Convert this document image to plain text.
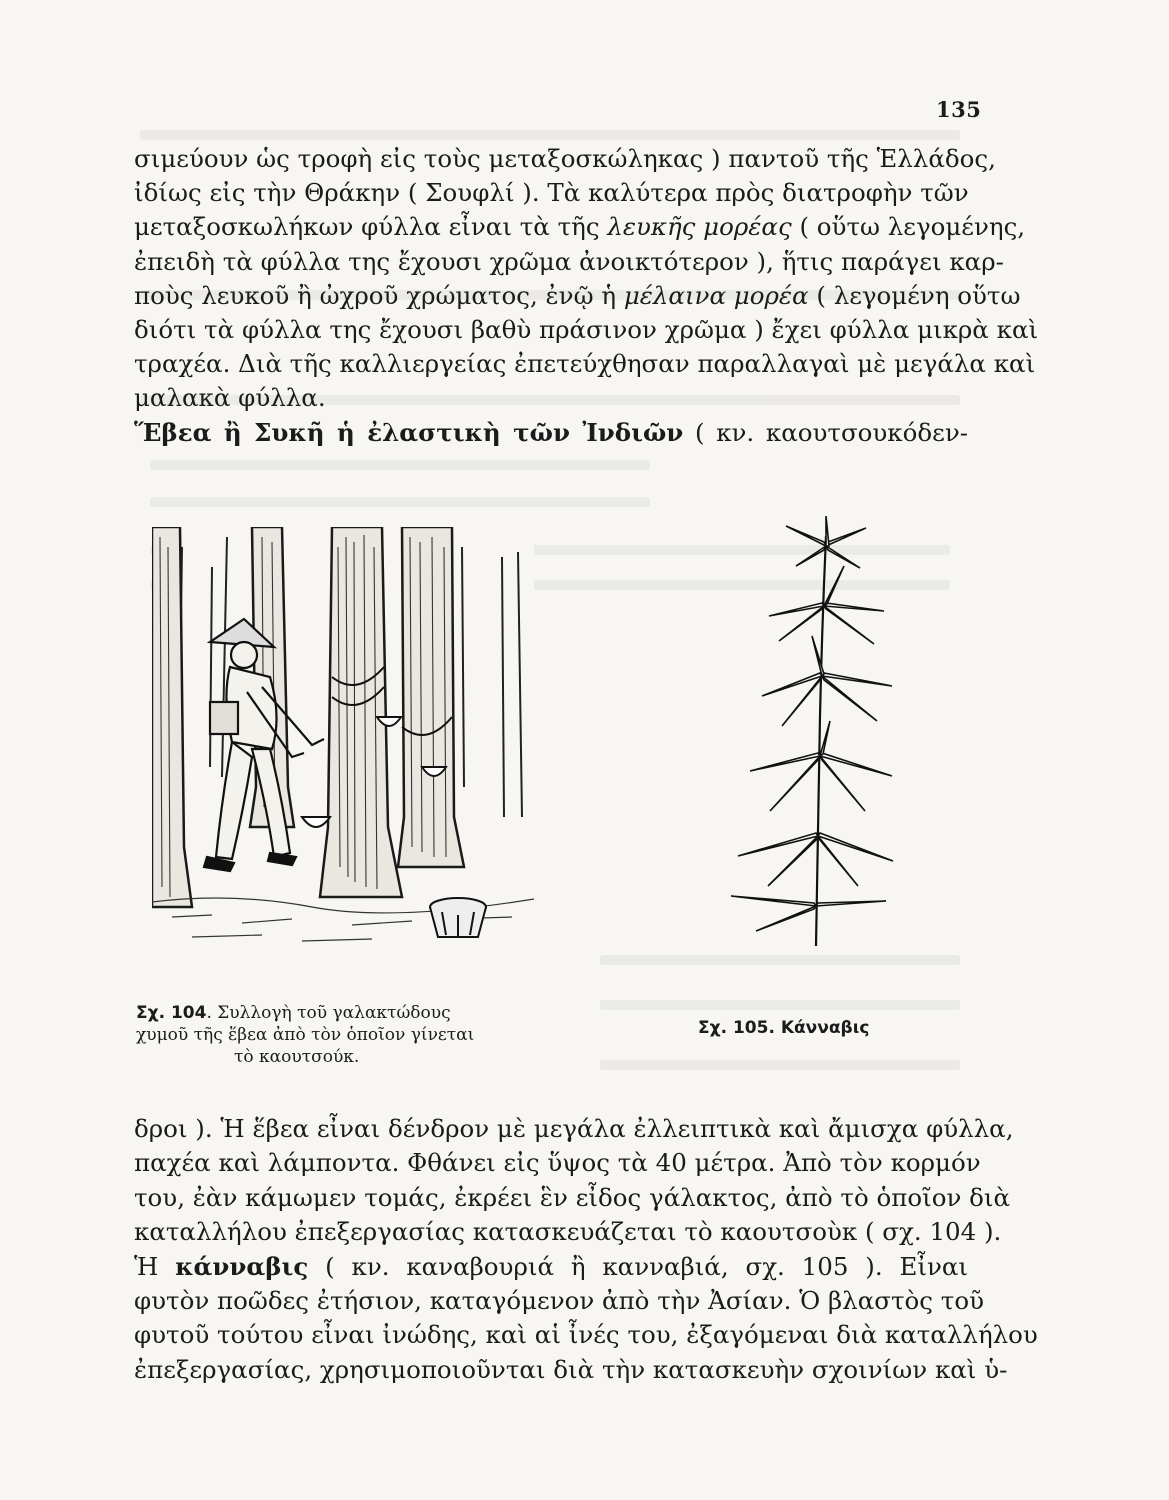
135
σιμεύουν ὡς τροφὴ εἰς τοὺς μεταξοσκώληκας ) παντοῦ τῆς Ἑλλάδος,
ἰδίως εἰς τὴν Θράκην ( Σουφλί ). Τὰ καλύτερα πρὸς διατροφὴν τῶν
μεταξοσκωλήκων φύλλα εἶναι τὰ τῆς λευκῆς μορέας ( οὕτω λεγομένης,
ἐπειδὴ τὰ φύλλα της ἔχουσι χρῶμα ἀνοικτότερον ), ἥτις παράγει καρ-
ποὺς λευκοῦ ἢ ὠχροῦ χρώματος, ἐνῷ ἡ μέλαινα μορέα ( λεγομένη οὕτω
διότι τὰ φύλλα της ἔχουσι βαθὺ πράσινον χρῶμα ) ἔχει φύλλα μικρὰ καὶ
τραχέα. Διὰ τῆς καλλιεργείας ἐπετεύχθησαν παραλλαγαὶ μὲ μεγάλα καὶ
μαλακὰ φύλλα.
Ἕβεα ἢ Συκῆ ἡ ἐλαστικὴ τῶν Ἰνδιῶν ( κν. καουτσουκόδεν-
Σχ. 104. Συλλογὴ τοῦ γαλακτώδους
χυμοῦ τῆς ἕβεα ἀπὸ τὸν ὁποῖον γίνεται
τὸ καουτσούκ.
Σχ. 105. Κάνναβις
δροι ). Ἡ ἕβεα εἶναι δένδρον μὲ μεγάλα ἐλλειπτικὰ καὶ ἄμισχα φύλλα,
παχέα καὶ λάμποντα. Φθάνει εἰς ὕψος τὰ 40 μέτρα. Ἀπὸ τὸν κορμόν
του, ἐὰν κάμωμεν τομάς, ἐκρέει ἓν εἶδος γάλακτος, ἀπὸ τὸ ὁποῖον διὰ
καταλλήλου ἐπεξεργασίας κατασκευάζεται τὸ καουτσοὺκ ( σχ. 104 ).
Ἡ κάνναβις ( κν. καναβουριά ἢ κανναβιά, σχ. 105 ). Εἶναι
φυτὸν ποῶδες ἐτήσιον, καταγόμενον ἀπὸ τὴν Ἀσίαν. Ὁ βλαστὸς τοῦ
φυτοῦ τούτου εἶναι ἰνώδης, καὶ αἱ ἶνές του, ἐξαγόμεναι διὰ καταλλήλου
ἐπεξεργασίας, χρησιμοποιοῦνται διὰ τὴν κατασκευὴν σχοινίων καὶ ὑ-
